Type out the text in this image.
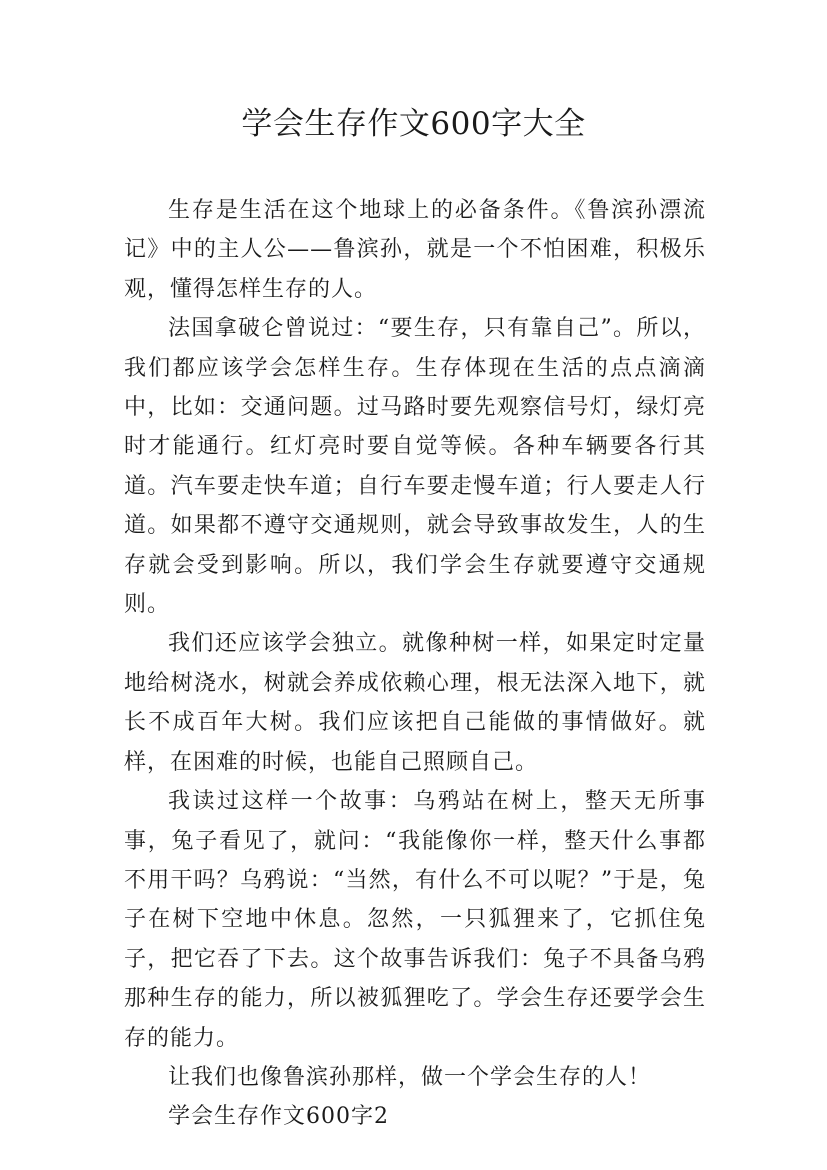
学会生存作文600字大全

生存是生活在这个地球上的必备条件。《鲁滨孙漂流记》中的主人公——鲁滨孙，就是一个不怕困难，积极乐观，懂得怎样生存的人。

法国拿破仑曾说过：“要生存，只有靠自己”。所以，我们都应该学会怎样生存。生存体现在生活的点点滴滴中，比如：交通问题。过马路时要先观察信号灯，绿灯亮时才能通行。红灯亮时要自觉等候。各种车辆要各行其道。汽车要走快车道；自行车要走慢车道；行人要走人行道。如果都不遵守交通规则，就会导致事故发生，人的生存就会受到影响。所以，我们学会生存就要遵守交通规则。

我们还应该学会独立。就像种树一样，如果定时定量地给树浇水，树就会养成依赖心理，根无法深入地下，就长不成百年大树。我们应该把自己能做的事情做好。就样，在困难的时候，也能自己照顾自己。

我读过这样一个故事：乌鸦站在树上，整天无所事事，兔子看见了，就问：“我能像你一样，整天什么事都不用干吗？乌鸦说：“当然，有什么不可以呢？”于是，兔子在树下空地中休息。忽然，一只狐狸来了，它抓住兔子，把它吞了下去。这个故事告诉我们：兔子不具备乌鸦那种生存的能力，所以被狐狸吃了。学会生存还要学会生存的能力。

让我们也像鲁滨孙那样，做一个学会生存的人！

学会生存作文600字2
